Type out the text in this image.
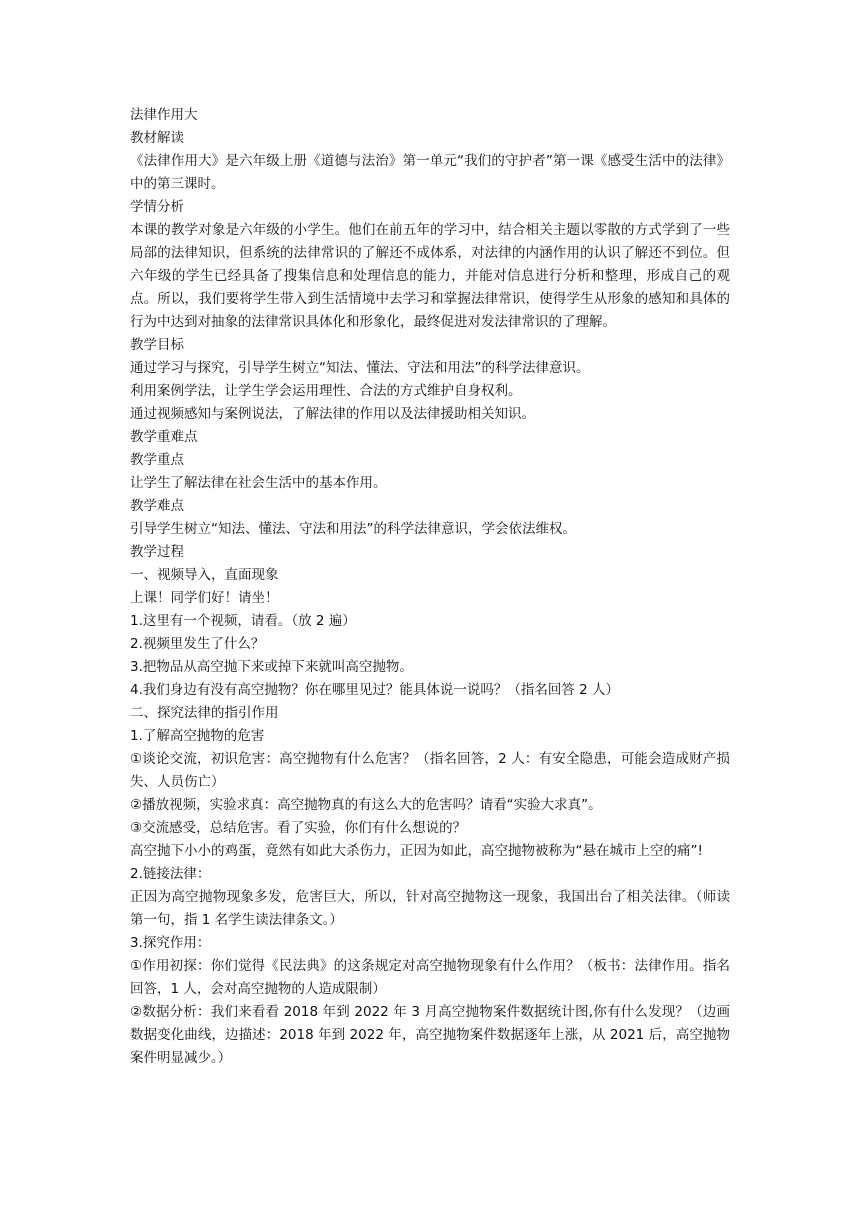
法律作用大

教材解读

《法律作用大》是六年级上册《道德与法治》第一单元“我们的守护者”第一课《感受生活中的法律》中的第三课时。

学情分析

本课的教学对象是六年级的小学生。他们在前五年的学习中，结合相关主题以零散的方式学到了一些局部的法律知识，但系统的法律常识的了解还不成体系，对法律的内涵作用的认识了解还不到位。但六年级的学生已经具备了搜集信息和处理信息的能力，并能对信息进行分析和整理，形成自己的观点。所以，我们要将学生带入到生活情境中去学习和掌握法律常识，使得学生从形象的感知和具体的行为中达到对抽象的法律常识具体化和形象化，最终促进对发法律常识的了理解。

教学目标

通过学习与探究，引导学生树立“知法、懂法、守法和用法”的科学法律意识。

利用案例学法，让学生学会运用理性、合法的方式维护自身权利。

通过视频感知与案例说法，了解法律的作用以及法律援助相关知识。

教学重难点

教学重点

让学生了解法律在社会生活中的基本作用。

教学难点

引导学生树立“知法、懂法、守法和用法”的科学法律意识，学会依法维权。

教学过程

一、视频导入，直面现象

上课！同学们好！请坐！

1.这里有一个视频，请看。（放 2 遍）

2.视频里发生了什么？

3.把物品从高空抛下来或掉下来就叫高空抛物。

4.我们身边有没有高空抛物？你在哪里见过？能具体说一说吗？（指名回答 2 人）

二、探究法律的指引作用

1.了解高空抛物的危害

①谈论交流，初识危害：高空抛物有什么危害？（指名回答，2 人：有安全隐患，可能会造成财产损失、人员伤亡）

②播放视频，实验求真：高空抛物真的有这么大的危害吗？请看“实验大求真”。

③交流感受，总结危害。看了实验，你们有什么想说的？

高空抛下小小的鸡蛋，竟然有如此大杀伤力，正因为如此，高空抛物被称为“悬在城市上空的痛”!

2.链接法律：

正因为高空抛物现象多发，危害巨大，所以，针对高空抛物这一现象，我国出台了相关法律。（师读第一句，指 1 名学生读法律条文。）

3.探究作用：

①作用初探：你们觉得《民法典》的这条规定对高空抛物现象有什么作用？（板书：法律作用。指名回答，1 人，会对高空抛物的人造成限制）

②数据分析：我们来看看 2018 年到 2022 年 3 月高空抛物案件数据统计图,你有什么发现？（边画数据变化曲线，边描述：2018 年到 2022 年，高空抛物案件数据逐年上涨，从 2021 后，高空抛物案件明显减少。）
